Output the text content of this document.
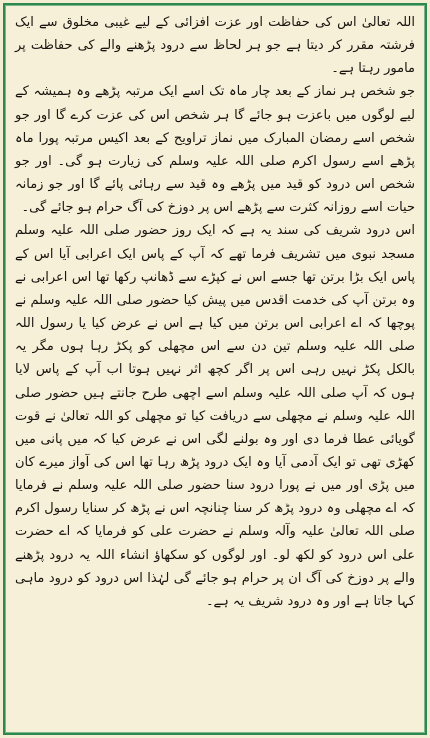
اللہ تعالیٰ اس کی حفاظت اور عزت افزائی کے لیے غیبی مخلوق سے ایک فرشتہ مقرر کر دیتا ہے جو ہر لحاظ سے درود پڑھنے والے کی حفاظت پر مامور رہتا ہے۔

جو شخص ہر نماز کے بعد چار ماہ تک اسے ایک مرتبہ پڑھے وہ ہمیشہ کے لیے لوگوں میں باعزت ہو جائے گا ہر شخص اس کی عزت کرے گا اور جو شخص اسے رمضان المبارک میں نماز تراویح کے بعد اکیس مرتبہ پورا ماہ پڑھے اسے رسول اکرم صلی اللہ علیہ وسلم کی زیارت ہو گی۔ اور جو شخص اس درود کو قید میں پڑھے وہ قید سے رہائی پائے گا اور جو زمانہ حیات اسے روزانہ کثرت سے پڑھے اس پر دوزخ کی آگ حرام ہو جائے گی۔

اس درود شریف کی سند یہ ہے کہ ایک روز حضور صلی اللہ علیہ وسلم مسجد نبوی میں تشریف فرما تھے کہ آپ کے پاس ایک اعرابی آیا اس کے پاس ایک بڑا برتن تھا جسے اس نے کپڑے سے ڈھانپ رکھا تھا اس اعرابی نے وہ برتن آپ کی خدمت اقدس میں پیش کیا حضور صلی اللہ علیہ وسلم نے پوچھا کہ اے اعرابی اس برتن میں کیا ہے اس نے عرض کیا یا رسول اللہ صلی اللہ علیہ وسلم تین دن سے اس مچھلی کو پکڑ رہا ہوں مگر یہ بالکل پکڑ نہیں رہی اس پر اگر کچھ اثر نہیں ہوتا اب آپ کے پاس لایا ہوں کہ آپ صلی اللہ علیہ وسلم اسے اچھی طرح جانتے ہیں حضور صلی اللہ علیہ وسلم نے مچھلی سے دریافت کیا تو مچھلی کو اللہ تعالیٰ نے قوت گویائی عطا فرما دی اور وہ بولنے لگی اس نے عرض کیا کہ میں پانی میں کھڑی تھی تو ایک آدمی آیا وہ ایک درود پڑھ رہا تھا اس کی آواز میرے کان میں پڑی اور میں نے پورا درود سنا حضور صلی اللہ علیہ وسلم نے فرمایا کہ اے مچھلی وہ درود پڑھ کر سنا چنانچہ اس نے پڑھ کر سنایا رسول اکرم صلی اللہ تعالیٰ علیہ وآلہ وسلم نے حضرت علی کو فرمایا کہ اے حضرت علی اس درود کو لکھ لو۔ اور لوگوں کو سکھاؤ انشاء اللہ یہ درود پڑھنے والے پر دوزخ کی آگ ان پر حرام ہو جائے گی لہٰذا اس درود کو درود ماہی کہا جاتا ہے اور وہ درود شریف یہ ہے۔
